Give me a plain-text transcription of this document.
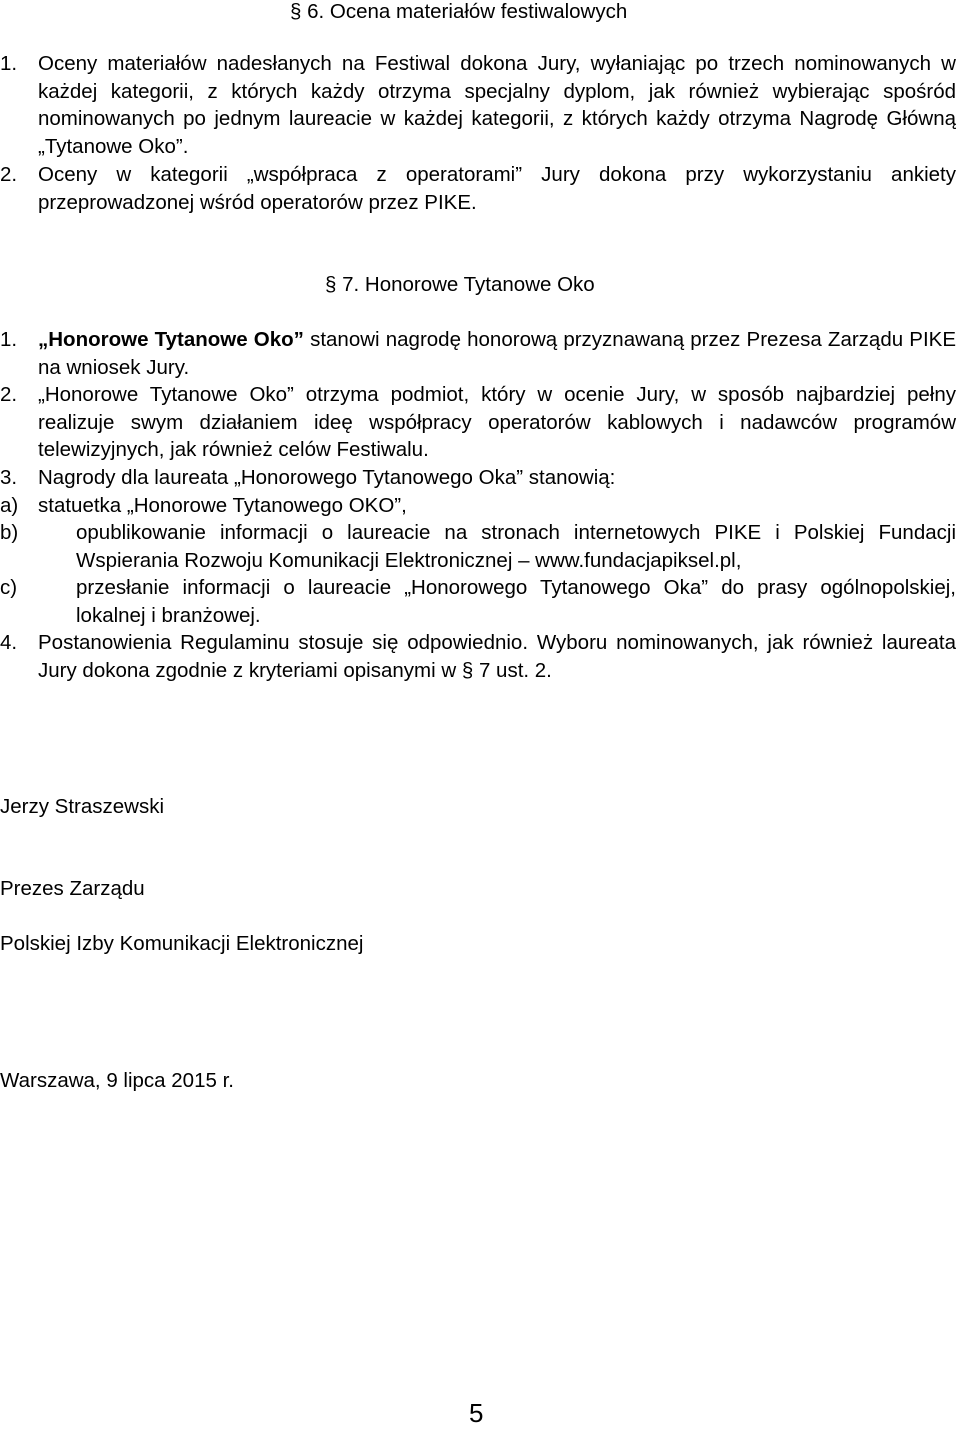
§ 6. Ocena materiałów festiwalowych
1. Oceny materiałów nadesłanych na Festiwal dokona Jury, wyłaniając po trzech nominowanych w każdej kategorii, z których każdy otrzyma specjalny dyplom, jak również wybierając spośród nominowanych po jednym laureacie w każdej kategorii, z których każdy otrzyma Nagrodę Główną „Tytanowe Oko”.
2. Oceny w kategorii „współpraca z operatorami” Jury dokona przy wykorzystaniu ankiety przeprowadzonej wśród operatorów przez PIKE.
§ 7. Honorowe Tytanowe Oko
1. „Honorowe Tytanowe Oko” stanowi nagrodę honorową przyznawaną przez Prezesa Zarządu PIKE na wniosek Jury.
2. „Honorowe Tytanowe Oko” otrzyma podmiot, który w ocenie Jury, w sposób najbardziej pełny realizuje swym działaniem ideę współpracy operatorów kablowych i nadawców programów telewizyjnych, jak również celów Festiwalu.
3. Nagrody dla laureata „Honorowego Tytanowego Oka” stanowią:
a) statuetka „Honorowe Tytanowego OKO”,
b)	opublikowanie informacji o laureacie na stronach internetowych PIKE i Polskiej Fundacji Wspierania Rozwoju Komunikacji Elektronicznej – www.fundacjapiksel.pl,
c)	przesłanie informacji o laureacie „Honorowego Tytanowego Oka” do prasy ogólnopolskiej, lokalnej i branżowej.
4. Postanowienia Regulaminu stosuje się odpowiednio. Wyboru nominowanych, jak również laureata Jury dokona zgodnie z kryteriami opisanymi w § 7 ust. 2.
Jerzy Straszewski
Prezes Zarządu
Polskiej Izby Komunikacji Elektronicznej
Warszawa, 9 lipca 2015 r.
5
